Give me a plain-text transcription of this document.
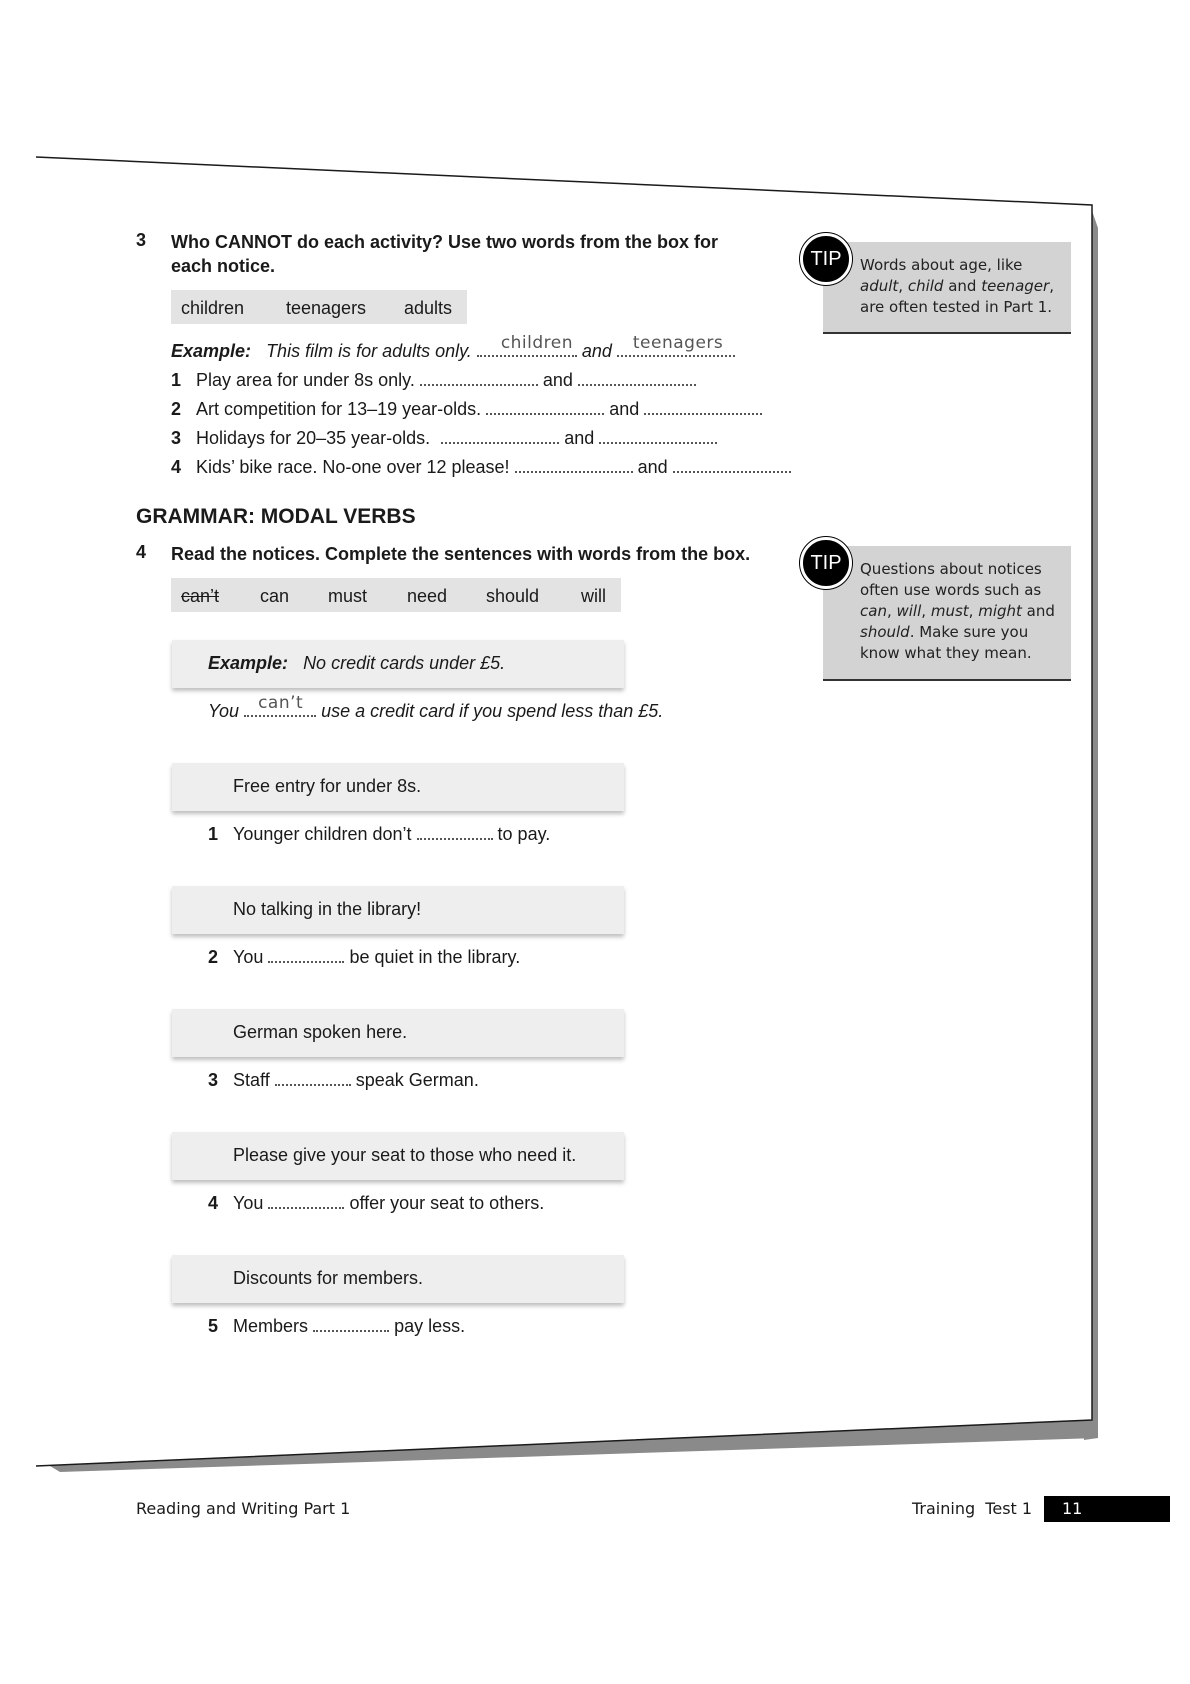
3 Who CANNOT do each activity? Use two words from the box for
each notice.
children teenagers adults
Example: This film is for adults only. children and teenagers
1 Play area for under 8s only.	and
2 Art competition for 13–19 year-olds.	and
3 Holidays for 20–35 year-olds.	and
4 Kids’ bike race. No-one over 12 please!	and
TIP	Words about age, like
adult, child and teenager,
are often tested in Part 1.
GRAMMAR: MODAL VERBS
4 Read the notices. Complete the sentences with words from the box.
can’t can must need should will
TIP	Questions about notices
often use words such as
can, will, must, might and
should. Make sure you
know what they mean.
Example: No credit cards under £5.
You can’t use a credit card if you spend less than £5.
Free entry for under 8s.
1 Younger children don’t	to pay.
No talking in the library!
2 You	be quiet in the library.
German spoken here.
3 Staff	speak German.
Please give your seat to those who need it.
4 You	offer your seat to others.
Discounts for members.
5 Members	pay less.
Reading and Writing Part 1	Training  Test 1	11
